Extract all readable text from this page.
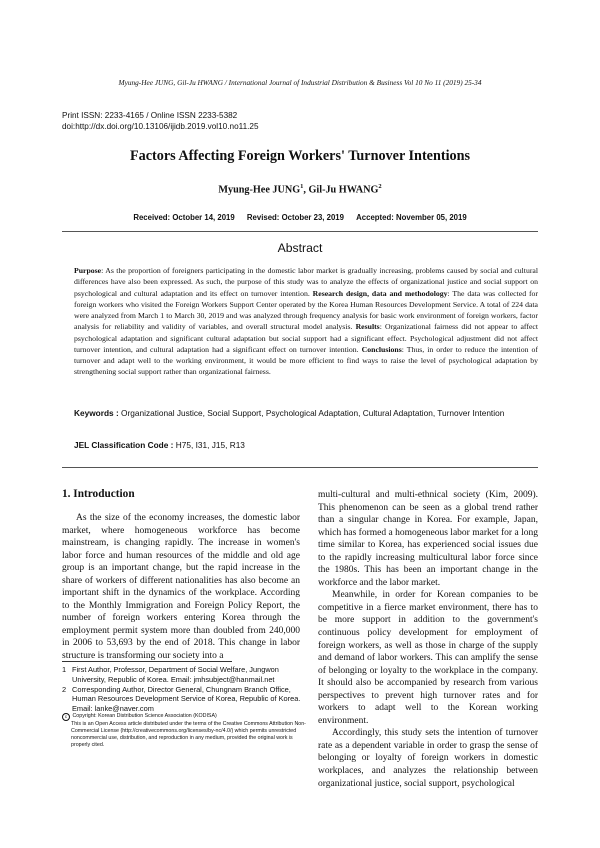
Myung-Hee JUNG, Gil-Ju HWANG / International Journal of Industrial Distribution & Business Vol 10 No 11 (2019) 25-34
Print ISSN: 2233-4165 / Online ISSN 2233-5382
doi:http://dx.doi.org/10.13106/ijidb.2019.vol10.no11.25
Factors Affecting Foreign Workers' Turnover Intentions
Myung-Hee JUNG$^1$, Gil-Ju HWANG$^2$
Received: October 14, 2019 Revised: October 23, 2019 Accepted: November 05, 2019
Abstract
Purpose: As the proportion of foreigners participating in the domestic labor market is gradually increasing, problems caused by social and cultural differences have also been expressed. As such, the purpose of this study was to analyze the effects of organizational justice and social support on psychological and cultural adaptation and its effect on turnover intention. Research design, data and methodology: The data was collected for foreign workers who visited the Foreign Workers Support Center operated by the Korea Human Resources Development Service. A total of 224 data were analyzed from March 1 to March 30, 2019 and was analyzed through frequency analysis for basic work environment of foreign workers, factor analysis for reliability and validity of variables, and overall structural model analysis. Results: Organizational fairness did not appear to affect psychological adaptation and significant cultural adaptation but social support had a significant effect. Psychological adjustment did not affect turnover intention, and cultural adaptation had a significant effect on turnover intention. Conclusions: Thus, in order to reduce the intention of turnover and adapt well to the working environment, it would be more efficient to find ways to raise the level of psychological adaptation by strengthening social support rather than organizational fairness.
Keywords : Organizational Justice, Social Support, Psychological Adaptation, Cultural Adaptation, Turnover Intention
JEL Classification Code : H75, I31, J15, R13
1. Introduction

As the size of the economy increases, the domestic labor market, where homogeneous workforce has become mainstream, is changing rapidly. The increase in women's labor force and human resources of the middle and old age group is an important change, but the rapid increase in the share of workers of different nationalities has also become an important shift in the dynamics of the workplace. According to the Monthly Immigration and Foreign Policy Report, the number of foreign workers entering Korea through the employment permit system more than doubled from 240,000 in 2006 to 53,693 by the end of 2018. This change in labor structure is transforming our society into a

multi-cultural and multi-ethnical society (Kim, 2009). This phenomenon can be seen as a global trend rather than a singular change in Korea. For example, Japan, which has formed a homogeneous labor market for a long time similar to Korea, has experienced social issues due to the rapidly increasing multicultural labor force since the 1980s. This has been an important change in the workforce and the labor market.

Meanwhile, in order for Korean companies to be competitive in a fierce market environment, there has to be more support in addition to the government's continuous policy development for employment of foreign workers, as well as those in charge of the supply and demand of labor workers. This can amplify the sense of belonging or loyalty to the workplace in the company. It should also be accompanied by research from various perspectives to prevent high turnover rates and for workers to adapt well to the Korean working environment.

Accordingly, this study sets the intention of turnover rate as a dependent variable in order to grasp the sense of belonging or loyalty of foreign workers in domestic workplaces, and analyzes the relationship between organizational justice, social support, psychological

1 First Author, Professor, Department of Social Welfare, Jungwon University, Republic of Korea. Email: jmhsubject@hanmail.net
2 Corresponding Author, Director General, Chungnam Branch Office, Human Resources Development Service of Korea, Republic of Korea. Email: lanke@naver.com
c Copyright: Korean Distribution Science Association (KODISA)
This is an Open Access article distributed under the terms of the Creative Commons Attribution Non-Commercial License (http://creativecommons.org/licenses/by-nc/4.0/) which permits unrestricted noncommercial use, distribution, and reproduction in any medium, provided the original work is properly cited.
